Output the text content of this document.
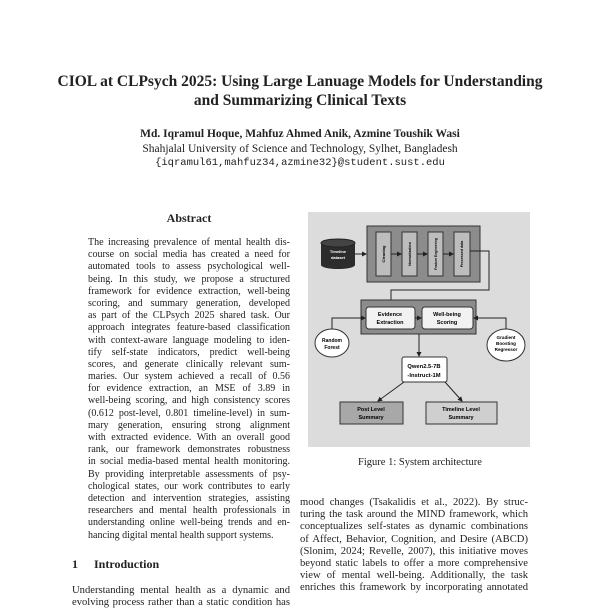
CIOL at CLPsych 2025: Using Large Lanuage Models for Understanding
and Summarizing Clinical Texts
Md. Iqramul Hoque, Mahfuz Ahmed Anik, Azmine Toushik Wasi
Shahjalal University of Science and Technology, Sylhet, Bangladesh
{iqramul61,mahfuz34,azmine32}@student.sust.edu
Abstract
The increasing prevalence of mental health dis-
course on social media has created a need for
automated tools to assess psychological well-
being. In this study, we propose a structured
framework for evidence extraction, well-being
scoring, and summary generation, developed
as part of the CLPsych 2025 shared task. Our
approach integrates feature-based classification
with context-aware language modeling to iden-
tify self-state indicators, predict well-being
scores, and generate clinically relevant sum-
maries. Our system achieved a recall of 0.56
for evidence extraction, an MSE of 3.89 in
well-being scoring, and high consistency scores
(0.612 post-level, 0.801 timeline-level) in sum-
mary generation, ensuring strong alignment
with extracted evidence. With an overall good
rank, our framework demonstrates robustness
in social media-based mental health monitoring.
By providing interpretable assessments of psy-
chological states, our work contributes to early
detection and intervention strategies, assisting
researchers and mental health professionals in
understanding online well-being trends and en-
hancing digital mental health support systems.
1 Introduction
Understanding mental health as a dynamic and
evolving process rather than a static condition has
mood changes (Tsakalidis et al., 2022). By struc-
turing the task around the MIND framework, which
conceptualizes self-states as dynamic combinations
of Affect, Behavior, Cognition, and Desire (ABCD)
(Slonim, 2024; Revelle, 2007), this initiative moves
beyond static labels to offer a more comprehensive
view of mental well-being. Additionally, the task
enriches this framework by incorporating annotated
Timeline
dataset	Cleaning	Normalization	Feature Engineering	Processed data
Evidence
Extraction
Well-being
Scoring
Random
Forest
Gradient
Boosting
Regressor
Qwen2.5-7B
-Instruct-1M
Post Level
Summary
Timeline Level
Summary
Figure 1: System architecture
